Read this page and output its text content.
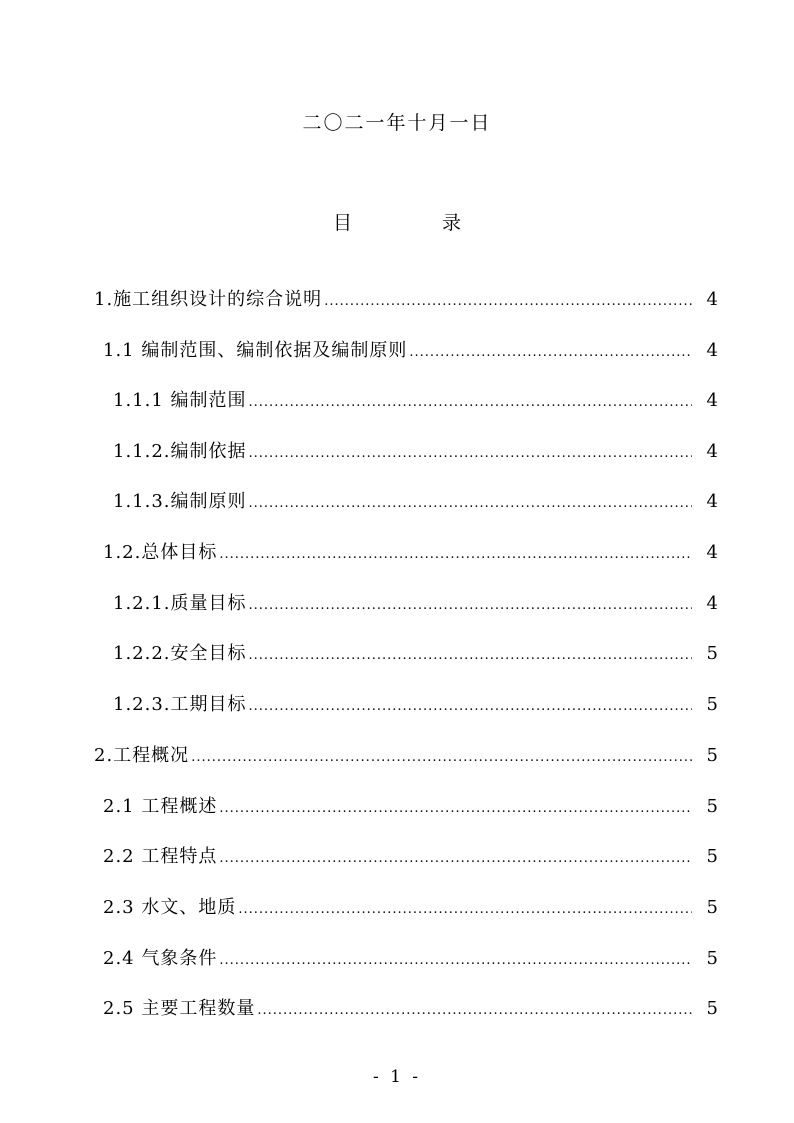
二〇二一年十月一日
目	录
1.施工组织设计的综合说明 .....	4
1.1 编制范围、编制依据及编制原则 .....	4
1.1.1 编制范围 .....	4
1.1.2.编制依据 .....	4
1.1.3.编制原则 .....	4
1.2.总体目标 .....	4
1.2.1.质量目标 .....	4
1.2.2.安全目标 .....	5
1.2.3.工期目标 .....	5
2.工程概况 .....	5
2.1 工程概述 .....	5
2.2 工程特点 .....	5
2.3 水文、地质 .....	5
2.4 气象条件 .....	5
2.5 主要工程数量 .....	5
- 1 -
